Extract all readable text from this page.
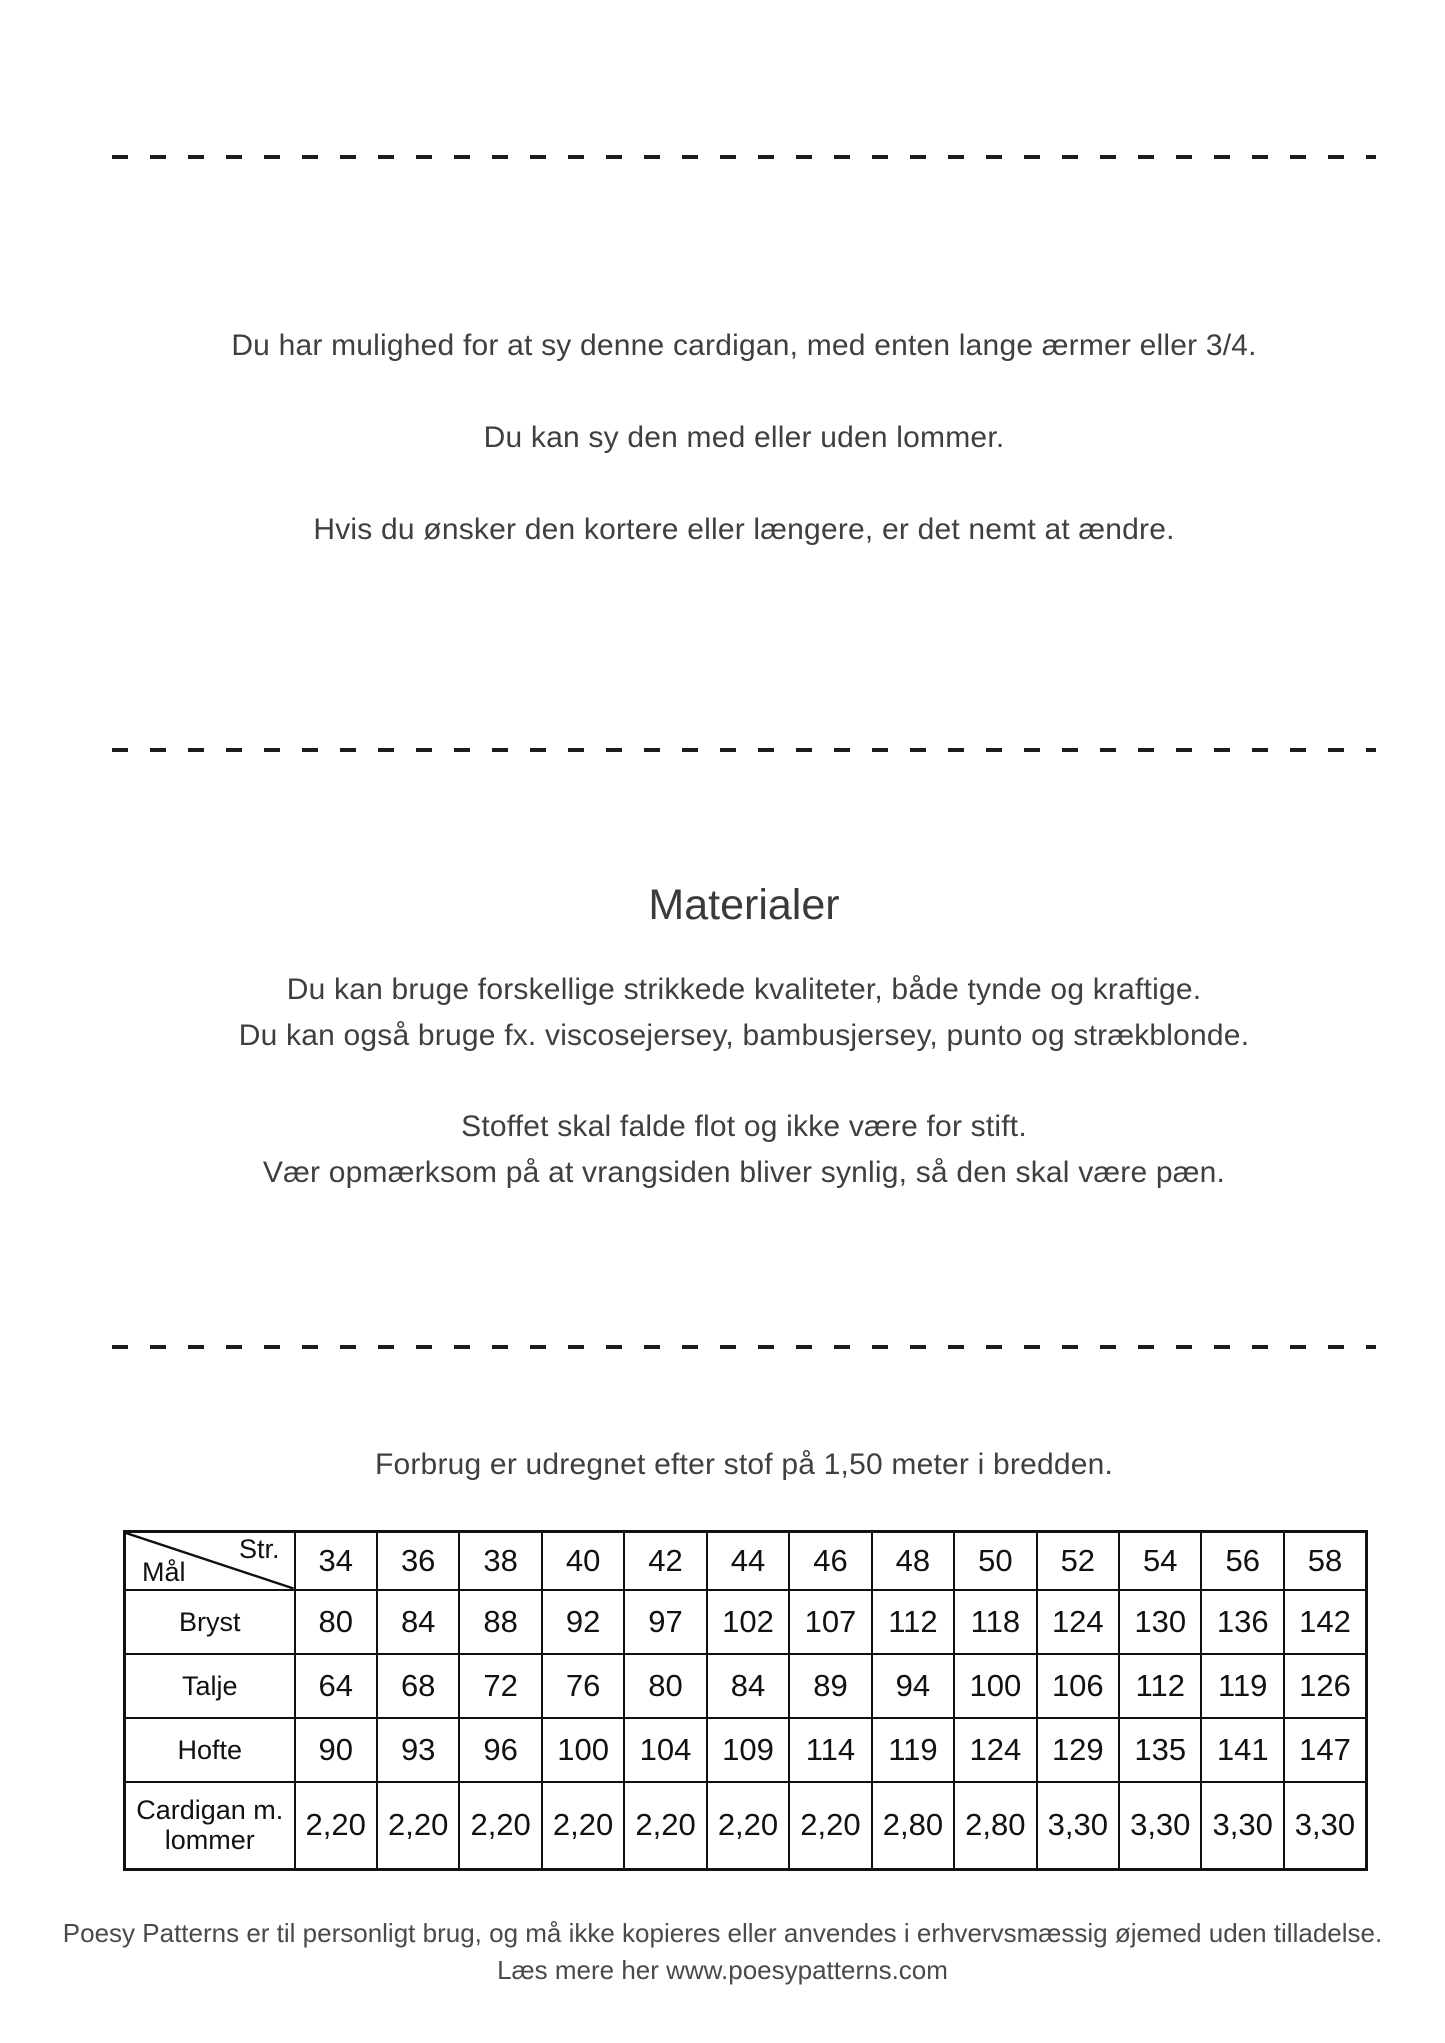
Du har mulighed for at sy denne cardigan, med enten lange ærmer eller 3/4.
Du kan sy den med eller uden lommer.
Hvis du ønsker den kortere eller længere, er det nemt at ændre.
Materialer
Du kan bruge forskellige strikkede kvaliteter, både tynde og kraftige.
Du kan også bruge fx. viscosejersey, bambusjersey, punto og strækblonde.
Stoffet skal falde flot og ikke være for stift.
Vær opmærksom på at vrangsiden bliver synlig, så den skal være pæn.
Forbrug er udregnet efter stof på 1,50 meter i bredden.
Str.
Mål	34	36	38	40	42	44	46	48	50	52	54	56	58
Bryst	80	84	88	92	97	102	107	112	118	124	130	136	142
Talje	64	68	72	76	80	84	89	94	100	106	112	119	126
Hofte	90	93	96	100	104	109	114	119	124	129	135	141	147
Cardigan m. lommer	2,20	2,20	2,20	2,20	2,20	2,20	2,20	2,80	2,80	3,30	3,30	3,30	3,30
Poesy Patterns er til personligt brug, og må ikke kopieres eller anvendes i erhvervsmæssig øjemed uden tilladelse.
Læs mere her www.poesypatterns.com
